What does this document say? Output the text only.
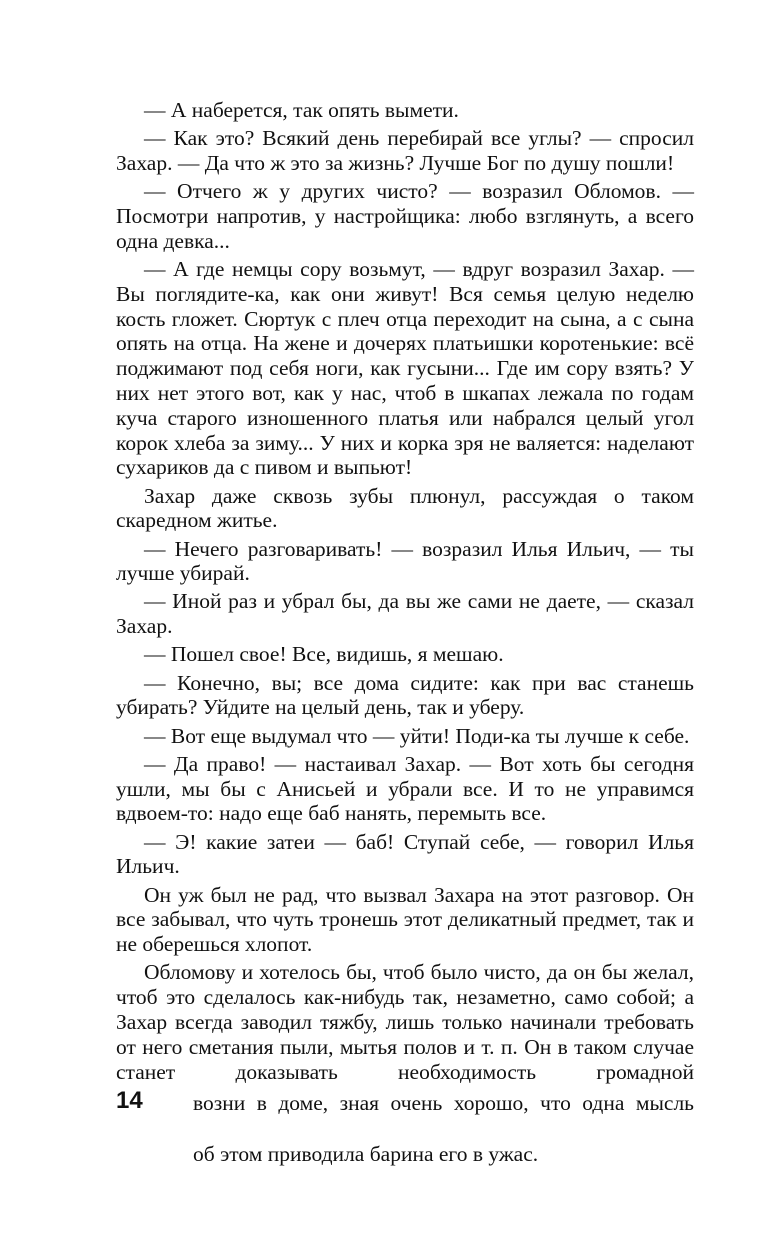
— А наберется, так опять вымети.

— Как это? Всякий день перебирай все углы? — спросил Захар. — Да что ж это за жизнь? Лучше Бог по душу пошли!

— Отчего ж у других чисто? — возразил Обломов. — Посмотри напротив, у настройщика: любо взглянуть, а всего одна девка...

— А где немцы сору возьмут, — вдруг возразил Захар. — Вы поглядите-ка, как они живут! Вся семья целую неделю кость гложет. Сюртук с плеч отца переходит на сына, а с сына опять на отца. На жене и дочерях платьишки коротенькие: всё поджимают под себя ноги, как гусыни... Где им сору взять? У них нет этого вот, как у нас, чтоб в шкапах лежала по годам куча старого изношенного платья или набрался целый угол корок хлеба за зиму... У них и корка зря не валяется: наделают сухариков да с пивом и выпьют!

Захар даже сквозь зубы плюнул, рассуждая о таком скаредном житье.

— Нечего разговаривать! — возразил Илья Ильич, — ты лучше убирай.

— Иной раз и убрал бы, да вы же сами не даете, — сказал Захар.

— Пошел свое! Все, видишь, я мешаю.

— Конечно, вы; все дома сидите: как при вас станешь убирать? Уйдите на целый день, так и уберу.

— Вот еще выдумал что — уйти! Поди-ка ты лучше к себе.

— Да право! — настаивал Захар. — Вот хоть бы сегодня ушли, мы бы с Анисьей и убрали все. И то не управимся вдвоем-то: надо еще баб нанять, перемыть все.

— Э! какие затеи — баб! Ступай себе, — говорил Илья Ильич.

Он уж был не рад, что вызвал Захара на этот разговор. Он все забывал, что чуть тронешь этот деликатный предмет, так и не оберешься хлопот.

Обломову и хотелось бы, чтоб было чисто, да он бы желал, чтоб это сделалось как-нибудь так, незаметно, само собой; а Захар всегда заводил тяжбу, лишь только начинали требовать от него сметания пыли, мытья полов и т. п. Он в таком случае станет доказывать необходимость громадной

возни в доме, зная очень хорошо, что одна мысль

об этом приводила барина его в ужас.

14
